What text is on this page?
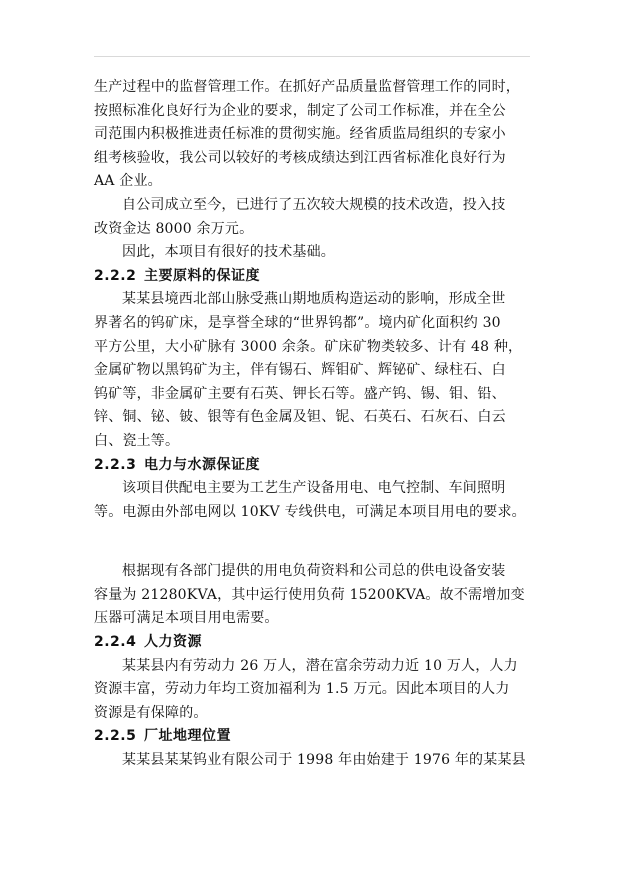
生产过程中的监督管理工作。在抓好产品质量监督管理工作的同时，
按照标准化良好行为企业的要求，制定了公司工作标准，并在全公
司范围内积极推进责任标准的贯彻实施。经省质监局组织的专家小
组考核验收，我公司以较好的考核成绩达到江西省标准化良好行为
AA 企业。
自公司成立至今，已进行了五次较大规模的技术改造，投入技
改资金达 8000 余万元。
因此，本项目有很好的技术基础。
2.2.2 主要原料的保证度
某某县境西北部山脉受燕山期地质构造运动的影响，形成全世
界著名的钨矿床，是享誉全球的“世界钨都”。境内矿化面积约 30
平方公里，大小矿脉有 3000 余条。矿床矿物类较多、计有 48 种，
金属矿物以黑钨矿为主，伴有锡石、辉钼矿、辉铋矿、绿柱石、白
钨矿等，非金属矿主要有石英、钾长石等。盛产钨、锡、钼、铅、
锌、铜、铋、铍、银等有色金属及钽、铌、石英石、石灰石、白云
白、瓷土等。
2.2.3 电力与水源保证度
该项目供配电主要为工艺生产设备用电、电气控制、车间照明
等。电源由外部电网以 10KV 专线供电，可满足本项目用电的要求。
根据现有各部门提供的用电负荷资料和公司总的供电设备安装
容量为 21280KVA，其中运行使用负荷 15200KVA。故不需增加变
压器可满足本项目用电需要。
2.2.4 人力资源
某某县内有劳动力 26 万人，潜在富余劳动力近 10 万人，人力
资源丰富，劳动力年均工资加福利为 1.5 万元。因此本项目的人力
资源是有保障的。
2.2.5 厂址地理位置
某某县某某钨业有限公司于 1998 年由始建于 1976 年的某某县
